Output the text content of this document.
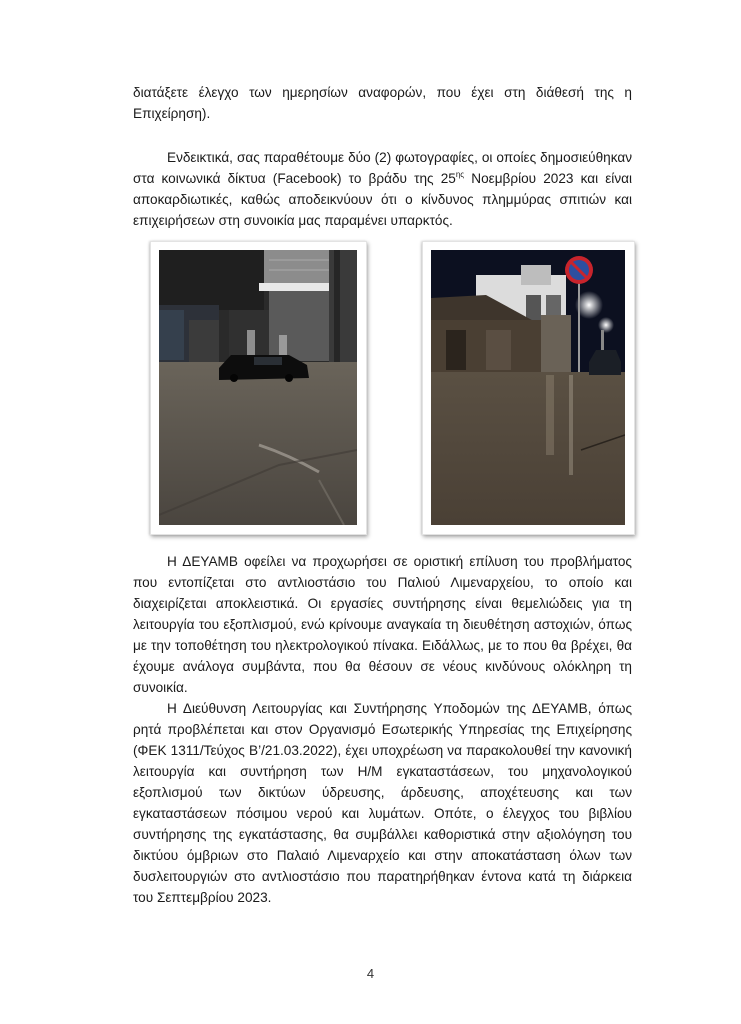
διατάξετε έλεγχο των ημερησίων αναφορών, που έχει στη διάθεσή της η Επιχείρηση).

Ενδεικτικά, σας παραθέτουμε δύο (2) φωτογραφίες, οι οποίες δημοσιεύθηκαν στα κοινωνικά δίκτυα (Facebook) το βράδυ της $25^{\eta\varsigma}$ Νοεμβρίου 2023 και είναι αποκαρδιωτικές, καθώς αποδεικνύουν ότι ο κίνδυνος πλημμύρας σπιτιών και επιχειρήσεων στη συνοικία μας παραμένει υπαρκτός.

Η ΔΕΥΑΜΒ οφείλει να προχωρήσει σε οριστική επίλυση του προβλήματος που εντοπίζεται στο αντλιοστάσιο του Παλιού Λιμεναρχείου, το οποίο και διαχειρίζεται αποκλειστικά. Οι εργασίες συντήρησης είναι θεμελιώδεις για τη λειτουργία του εξοπλισμού, ενώ κρίνουμε αναγκαία τη διευθέτηση αστοχιών, όπως με την τοποθέτηση του ηλεκτρολογικού πίνακα. Ειδάλλως, με το που θα βρέχει, θα έχουμε ανάλογα συμβάντα, που θα θέσουν σε νέους κινδύνους ολόκληρη τη συνοικία.

Η Διεύθυνση Λειτουργίας και Συντήρησης Υποδομών της ΔΕΥΑΜΒ, όπως ρητά προβλέπεται και στον Οργανισμό Εσωτερικής Υπηρεσίας της Επιχείρησης (ΦΕΚ 1311/Τεύχος Β’/21.03.2022), έχει υποχρέωση να παρακολουθεί την κανονική λειτουργία και συντήρηση των Η/Μ εγκαταστάσεων, του μηχανολογικού εξοπλισμού των δικτύων ύδρευσης, άρδευσης, αποχέτευσης και των εγκαταστάσεων πόσιμου νερού και λυμάτων. Οπότε, ο έλεγχος του βιβλίου συντήρησης της εγκατάστασης, θα συμβάλλει καθοριστικά στην αξιολόγηση του δικτύου όμβριων στο Παλαιό Λιμεναρχείο και στην αποκατάσταση όλων των δυσλειτουργιών στο αντλιοστάσιο που παρατηρήθηκαν έντονα κατά τη διάρκεια του Σεπτεμβρίου 2023.

4
